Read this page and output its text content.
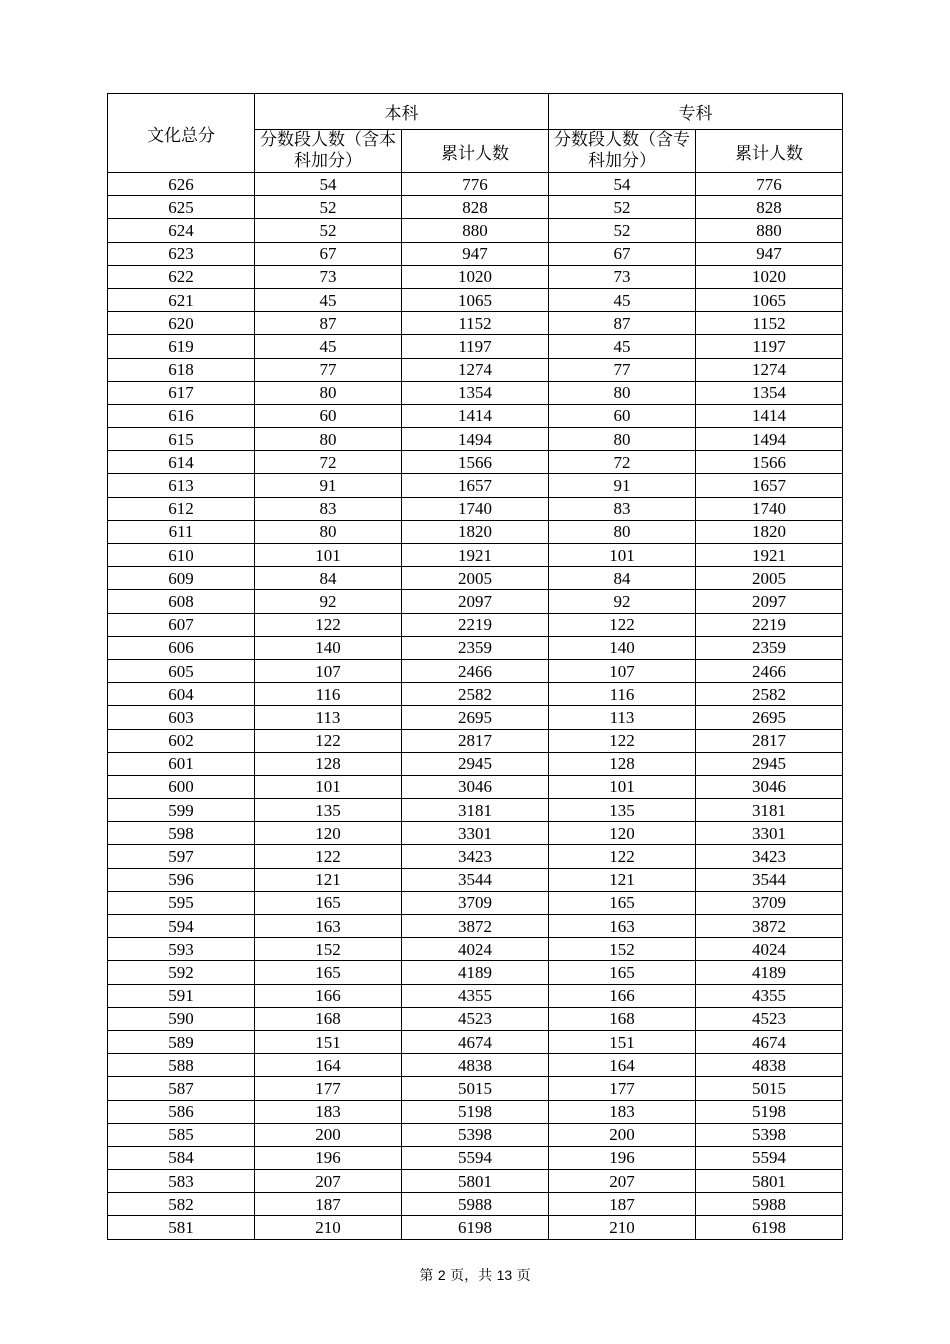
文化总分	本科		专科	
	分数段人数（含本科加分）	累计人数	分数段人数（含专科加分）	累计人数
626	54	776	54	776
625	52	828	52	828
624	52	880	52	880
623	67	947	67	947
622	73	1020	73	1020
621	45	1065	45	1065
620	87	1152	87	1152
619	45	1197	45	1197
618	77	1274	77	1274
617	80	1354	80	1354
616	60	1414	60	1414
615	80	1494	80	1494
614	72	1566	72	1566
613	91	1657	91	1657
612	83	1740	83	1740
611	80	1820	80	1820
610	101	1921	101	1921
609	84	2005	84	2005
608	92	2097	92	2097
607	122	2219	122	2219
606	140	2359	140	2359
605	107	2466	107	2466
604	116	2582	116	2582
603	113	2695	113	2695
602	122	2817	122	2817
601	128	2945	128	2945
600	101	3046	101	3046
599	135	3181	135	3181
598	120	3301	120	3301
597	122	3423	122	3423
596	121	3544	121	3544
595	165	3709	165	3709
594	163	3872	163	3872
593	152	4024	152	4024
592	165	4189	165	4189
591	166	4355	166	4355
590	168	4523	168	4523
589	151	4674	151	4674
588	164	4838	164	4838
587	177	5015	177	5015
586	183	5198	183	5198
585	200	5398	200	5398
584	196	5594	196	5594
583	207	5801	207	5801
582	187	5988	187	5988
581	210	6198	210	6198
第 2 页，共 13 页
